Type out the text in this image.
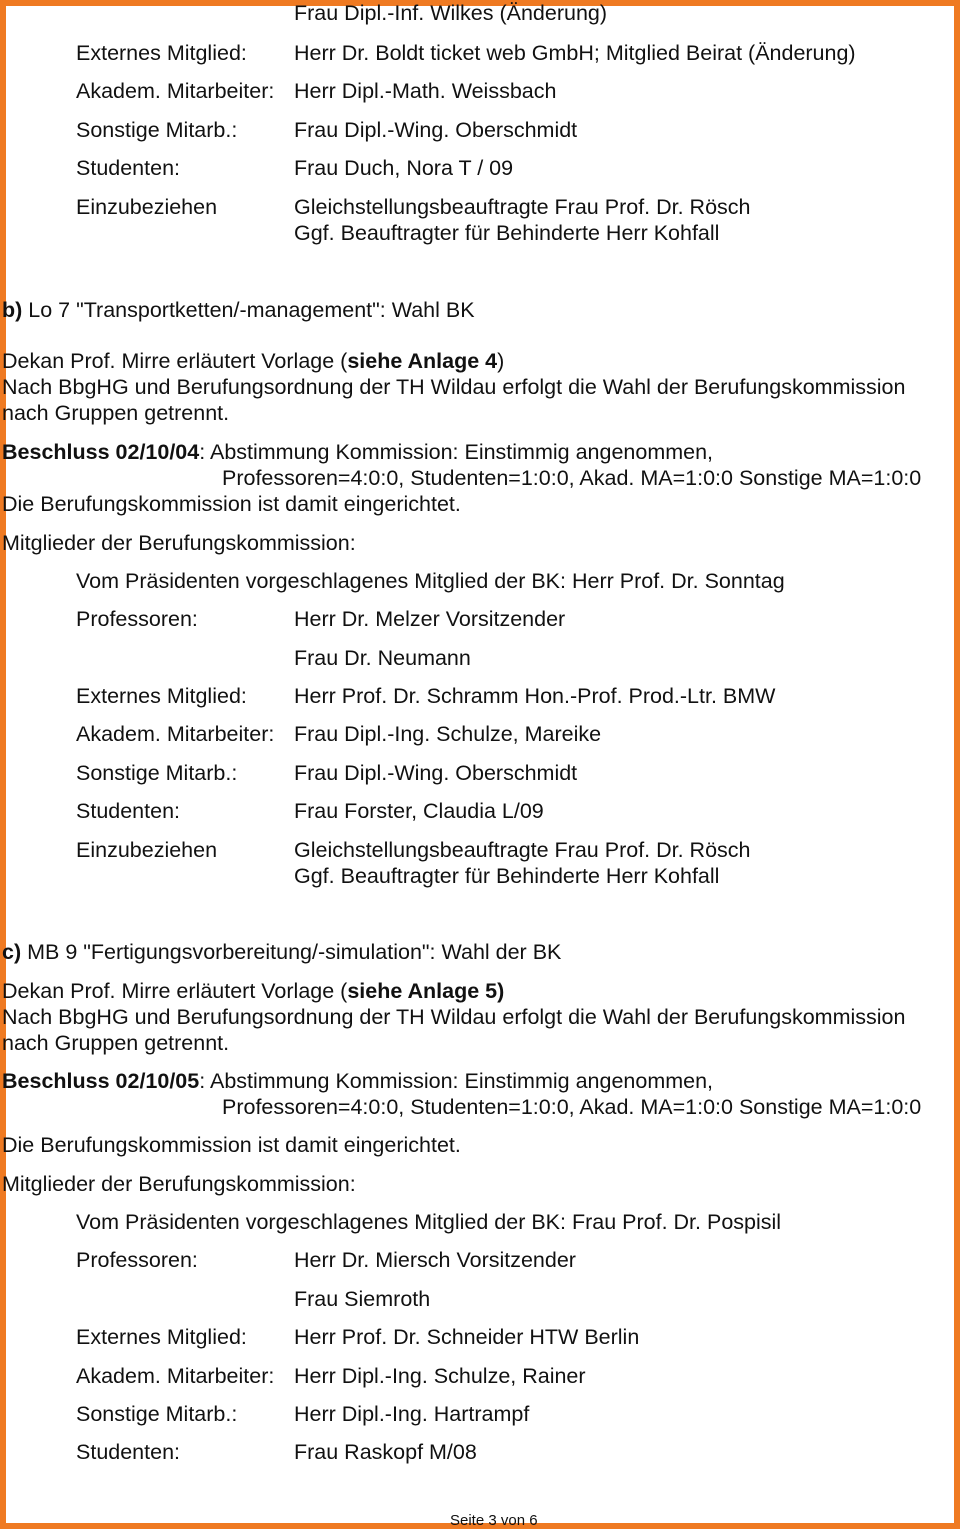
Frau Dipl.-Inf. Wilkes (Änderung)
Externes Mitglied: Herr Dr. Boldt ticket web GmbH; Mitglied Beirat (Änderung)
Akadem. Mitarbeiter: Herr Dipl.-Math. Weissbach
Sonstige Mitarb.:	Frau Dipl.-Wing. Oberschmidt
Studenten:	Frau Duch, Nora T / 09
Einzubeziehen	Gleichstellungsbeauftragte Frau Prof. Dr. Rösch
Ggf. Beauftragter für Behinderte Herr Kohfall
b) Lo 7 "Transportketten/-management": Wahl BK
Dekan Prof. Mirre erläutert Vorlage (siehe Anlage 4)
Nach BbgHG und Berufungsordnung der TH Wildau erfolgt die Wahl der Berufungskommission
nach Gruppen getrennt.
Beschluss 02/10/04: Abstimmung Kommission: Einstimmig angenommen,
Professoren=4:0:0, Studenten=1:0:0, Akad. MA=1:0:0 Sonstige MA=1:0:0
Die Berufungskommission ist damit eingerichtet.
Mitglieder der Berufungskommission:
Vom Präsidenten vorgeschlagenes Mitglied der BK: Herr Prof. Dr. Sonntag
Professoren:	Herr Dr. Melzer Vorsitzender
Frau Dr. Neumann
Externes Mitglied: Herr Prof. Dr. Schramm Hon.-Prof. Prod.-Ltr. BMW
Akadem. Mitarbeiter: Frau Dipl.-Ing. Schulze, Mareike
Sonstige Mitarb.:	Frau Dipl.-Wing. Oberschmidt
Studenten:	Frau Forster, Claudia L/09
Einzubeziehen	Gleichstellungsbeauftragte Frau Prof. Dr. Rösch
Ggf. Beauftragter für Behinderte Herr Kohfall
c) MB 9 "Fertigungsvorbereitung/-simulation": Wahl der BK
Dekan Prof. Mirre erläutert Vorlage (siehe Anlage 5)
Nach BbgHG und Berufungsordnung der TH Wildau erfolgt die Wahl der Berufungskommission
nach Gruppen getrennt.
Beschluss 02/10/05: Abstimmung Kommission: Einstimmig angenommen,
Professoren=4:0:0, Studenten=1:0:0, Akad. MA=1:0:0 Sonstige MA=1:0:0
Die Berufungskommission ist damit eingerichtet.
Mitglieder der Berufungskommission:
Vom Präsidenten vorgeschlagenes Mitglied der BK: Frau Prof. Dr. Pospisil
Professoren:	Herr Dr. Miersch Vorsitzender
Frau Siemroth
Externes Mitglied: Herr Prof. Dr. Schneider HTW Berlin
Akadem. Mitarbeiter: Herr Dipl.-Ing. Schulze, Rainer
Sonstige Mitarb.:	Herr Dipl.-Ing. Hartrampf
Studenten:	Frau Raskopf M/08
Seite 3 von 6
